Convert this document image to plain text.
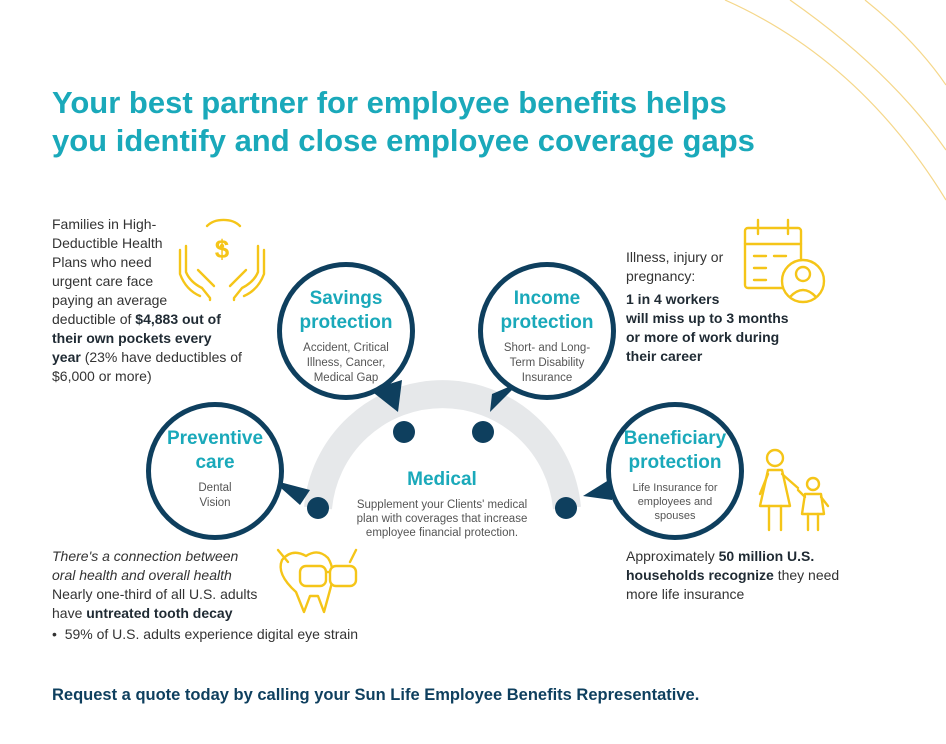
Your best partner for employee benefits helps
you identify and close employee coverage gaps
Families in High-
Deductible Health
Plans who need
urgent care face
paying an average
deductible of $4,883 out of
their own pockets every
year (23% have deductibles of
$6,000 or more)
$	Illness, injury or
pregnancy:
1 in 4 workers
will miss up to 3 months
or more of work during
their career
Savings
protection
Accident, Critical
Illness, Cancer,
Medical Gap
Income
protection
Short- and Long-
Term Disability
Insurance
Preventive
care
Dental
Vision
Beneficiary
protection
Life Insurance for
employees and
spouses
Medical
Supplement your Clients' medical
plan with coverages that increase
employee financial protection.
There's a connection between
oral health and overall health
Nearly one-third of all U.S. adults
have untreated tooth decay
•  59% of U.S. adults experience digital eye strain
Approximately 50 million U.S.
households recognize they need
more life insurance
Request a quote today by calling your Sun Life Employee Benefits Representative.
